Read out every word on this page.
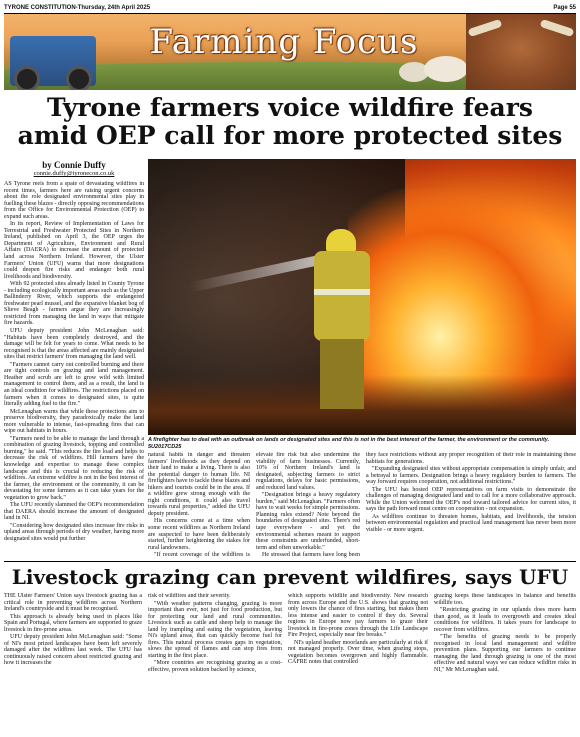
TYRONE CONSTITUTION-Thursday, 24th April 2025	Page 55
Farming Focus
Tyrone farmers voice wildfire fears
amid OEP call for more protected sites
by Connie Duffy
connie.duffy@tyronecon.co.uk

AS Tyrone reels from a spate of devastating wildfires in recent times, farmers here are raising urgent concerns about the role designated environmental sites play in fuelling these blazes - directly opposing recommendations from the Office for Environmental Protection (OEP) to expand such areas.

In its report, Review of Implementation of Laws for Terrestrial and Freshwater Protected Sites in Northern Ireland, published on April 3, the OEP urges the Department of Agriculture, Environment and Rural Affairs (DAERA) to increase the amount of protected land across Northern Ireland. However, the Ulster Farmers' Union (UFU) warns that more designations could deepen fire risks and endanger both rural livelihoods and biodiversity.

With 92 protected sites already listed in County Tyrone - including ecologically important areas such as the Upper Ballinderry River, which supports the endangered freshwater pearl mussel, and the expansive blanket bog of Slieve Beagh - farmers argue they are increasingly restricted from managing the land in ways that mitigate fire hazards.

UFU deputy president John McLenaghan said: "Habitats have been completely destroyed, and the damage will be felt for years to come. What needs to be recognised is that the areas affected are mainly designated sites that restrict farmers' from managing the land well.

"Farmers cannot carry out controlled burning and there are tight controls on grazing and land management. Heather and scrub are left to grow wild with limited management to control them, and as a result, the land is an ideal condition for wildfires. The restrictions placed on farmers when it comes to designated sites, is quite literally adding fuel to the fire."

McLenaghan warns that while these protections aim to preserve biodiversity, they paradoxically make the land more vulnerable to intense, fast-spreading fires that can wipe out habitats in hours.

"Farmers need to be able to manage the land through a combination of grazing livestock, topping and controlled burning," he said. "This reduces the fire load and helps to decrease the risk of wildfires. Hill farmers have the knowledge and expertise to manage these complex landscape and this is crucial to reducing the risk of wildfires. An extreme wildfire is not in the best interest of the farmer, the environment or the community, it can be devastating for some farmers as it can take years for the vegetation to grow back."

The UFU recently slammed the OEP's recommendation that DAERA should increase the amount of designated land in NI.

"Considering how designated sites increase fire risks in upland areas through periods of dry weather, having more designated sites would put further

A firefighter has to deal with an outbreak on lands or designated sites and this is not in the best interest of the farmer, the environment or the community. 5U2017CD25

natural habits in danger and threaten farmers' livelihoods as they depend on their land to make a living. There is also the potential danger to human life. NI firefighters have to tackle these blazes and hikers and tourists could be in the area. If a wildfire grew strong enough with the right conditions, it could also travel towards rural properties," added the UFU deputy president.

His concerns come at a time when some recent wildfires as Northern Ireland are suspected to have been deliberately started, further heightening the stakes for rural landowners.

"If recent coverage of the wildfires is

elevate fire risk but also undermine the viability of farm businesses. Currently, 10% of Northern Ireland's land is designated, subjecting farmers to strict regulations, delays for basic permissions, and reduced land values.

"Designation brings a heavy regulatory burden," said McLenaghan. "Farmers often have to wait weeks for simple permissions. Planning rules extend? Note beyond the boundaries of designated sites. There's red tape everywhere - and yet the environmental schemes meant to support these constraints are underfunded, short-term and often unworkable."

He stressed that farmers have long been

they face restrictions without any proper recognition of their role in maintaining these habitats for generations.

"Expanding designated sites without appropriate compensation is simply unfair, and a betrayal to farmers. Designation brings a heavy regulatory burden to farmers. The way forward requires cooperation, not additional restrictions."

The UFU has hosted OEP representatives on farm visits to demonstrate the challenges of managing designated land and to call for a more collaborative approach. While the Union welcomed the OEP's nod toward tailored advice for current sites, it says the path forward must centre on cooperation - not expansion.

As wildfires continue to threaten homes, habitats, and livelihoods, the tension between environmental regulation and practical land management has never been more visible - or more urgent.

Livestock grazing can prevent wildfires, says UFU

THE Ulster Farmers' Union says livestock grazing has a critical role in preventing wildfires across Northern Ireland's countryside and it must be recognised.

This approach is already being used in places like Spain and Portugal, where farmers are supported to graze livestock in fire-prone areas.

UFU deputy president John McLenaghan said: "Some of NI's most prized landscapes have been left severely damaged after the wildfires last week. The UFU has continuously raised concern about restricted grazing and how it increases the

risk of wildfires and their severity.

"With weather patterns changing, grazing is more important than ever, not just for food production, but for protecting our land and rural communities. Livestock such as cattle and sheep help to manage the land by trampling and eating the vegetation, leaving Ni's upland areas, that can quickly become fuel for fires. This natural process creates gaps in vegetation, slows the spread of flames and can stop fires from starting in the first place.

"More countries are recognising grazing as a cost-effective, proven solution backed by science,

which supports wildlife and biodiversity. New research from across Europe and the U.S. shows that grazing not only lowers the chance of fires starting, but makes them less intense and easier to control if they do. Several regions in Europe now pay farmers to graze their livestock in fire-prone zones through the Life Landscape Fire Project, especially near fire breaks."

NI's upland heather moorlands are particularly at risk if not managed properly. Over time, when grazing stops, vegetation becomes overgrown and highly flammable. CAFRE notes that controlled

grazing keeps these landscapes in balance and benefits wildlife too.

"Restricting grazing in our uplands does more harm than good, as it leads to overgrowth and creates ideal conditions for wildfires. It takes years for landscape to recover from wildfires.

"The benefits of grazing needs to be properly recognised in local land management and wildfire prevention plans. Supporting our farmers to continue managing the land through grazing is one of the most effective and natural ways we can reduce wildfire risks in NI," Mr McLenaghan said.
